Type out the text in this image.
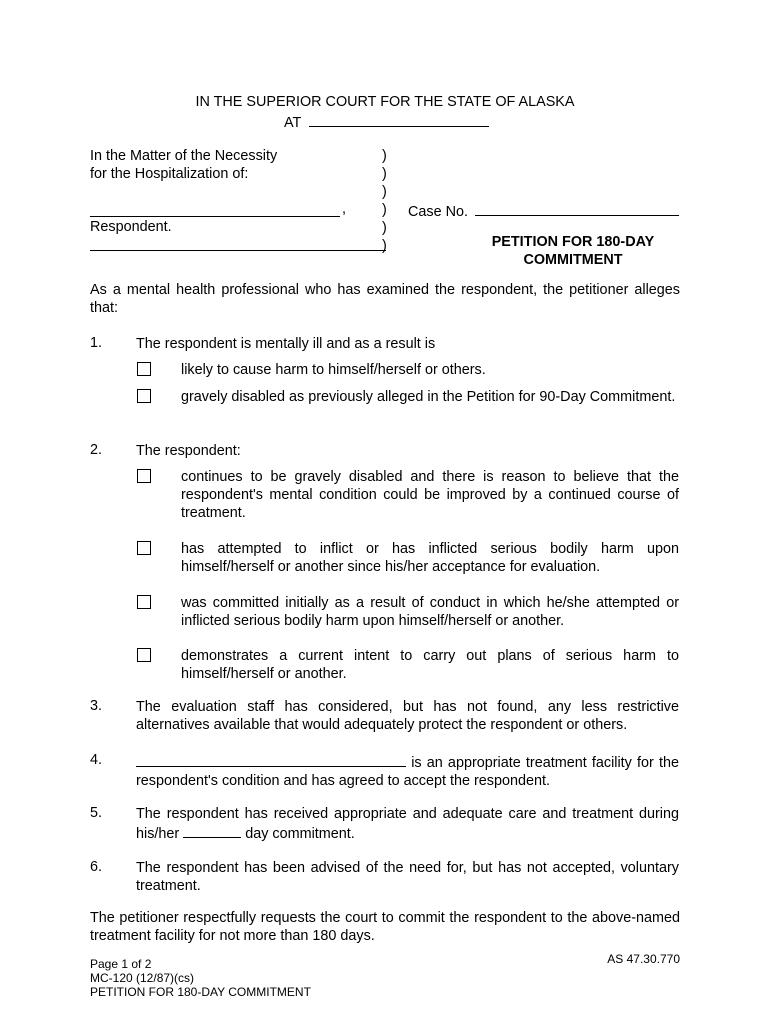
IN THE SUPERIOR COURT FOR THE STATE OF ALASKA
AT
In the Matter of the Necessity
for the Hospitalization of:
,
Respondent.
)
)
)
)
)
)
Case No.
PETITION FOR 180-DAY
COMMITMENT
As a mental health professional who has examined the respondent, the petitioner alleges that:
1. The respondent is mentally ill and as a result is
likely to cause harm to himself/herself or others.
gravely disabled as previously alleged in the Petition for 90-Day Commitment.
2. The respondent:
continues to be gravely disabled and there is reason to believe that the respondent's mental condition could be improved by a continued course of treatment.
has attempted to inflict or has inflicted serious bodily harm upon himself/herself or another since his/her acceptance for evaluation.
was committed initially as a result of conduct in which he/she attempted or inflicted serious bodily harm upon himself/herself or another.
demonstrates a current intent to carry out plans of serious harm to himself/herself or another.
3. The evaluation staff has considered, but has not found, any less restrictive alternatives available that would adequately protect the respondent or others.
4.	is an appropriate treatment facility for the respondent's condition and has agreed to accept the respondent.
5. The respondent has received appropriate and adequate care and treatment during his/her	day commitment.
6. The respondent has been advised of the need for, but has not accepted, voluntary treatment.
The petitioner respectfully requests the court to commit the respondent to the above-named treatment facility for not more than 180 days.
Page 1 of 2
MC-120 (12/87)(cs)
PETITION FOR 180-DAY COMMITMENT
AS 47.30.770
